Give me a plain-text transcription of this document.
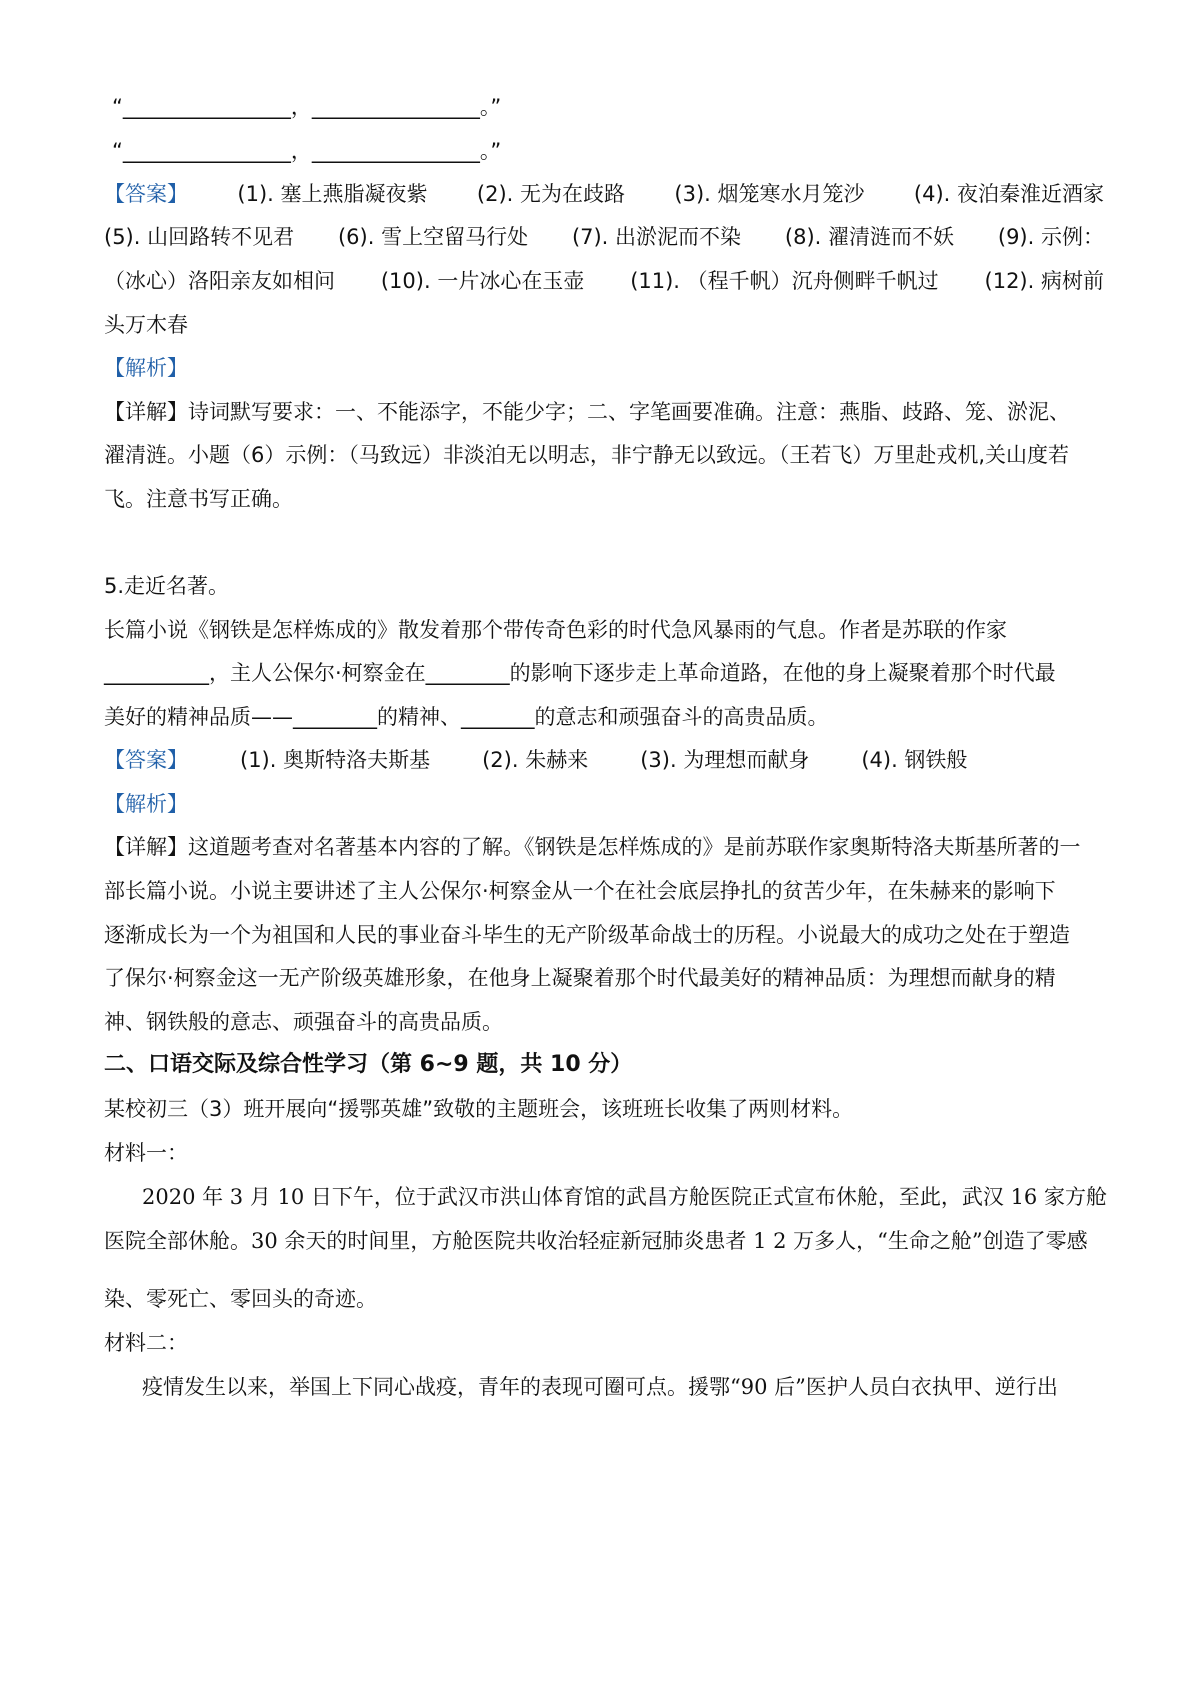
“________________，________________。”
“________________，________________。”
【答案】 (1). 塞上燕脂凝夜紫 (2). 无为在歧路 (3). 烟笼寒水月笼沙 (4). 夜泊秦淮近酒家
(5). 山回路转不见君 (6). 雪上空留马行处 (7). 出淤泥而不染 (8). 濯清涟而不妖 (9). 示例：
（冰心）洛阳亲友如相问 (10). 一片冰心在玉壶 (11). （程千帆）沉舟侧畔千帆过 (12). 病树前
头万木春
【解析】
【详解】诗词默写要求：一、不能添字，不能少字；二、字笔画要准确。注意：燕脂、歧路、笼、淤泥、
濯清涟。小题（6）示例：（马致远）非淡泊无以明志，非宁静无以致远。（王若飞）万里赴戎机,关山度若
飞。注意书写正确。
5.走近名著。
长篇小说《钢铁是怎样炼成的》散发着那个带传奇色彩的时代急风暴雨的气息。作者是苏联的作家
__________，主人公保尔·柯察金在________的影响下逐步走上革命道路，在他的身上凝聚着那个时代最
美好的精神品质——________的精神、_______的意志和顽强奋斗的高贵品质。
【答案】 (1). 奥斯特洛夫斯基 (2). 朱赫来 (3). 为理想而献身 (4). 钢铁般
【解析】
【详解】这道题考查对名著基本内容的了解。《钢铁是怎样炼成的》是前苏联作家奥斯特洛夫斯基所著的一
部长篇小说。小说主要讲述了主人公保尔·柯察金从一个在社会底层挣扎的贫苦少年，在朱赫来的影响下
逐渐成长为一个为祖国和人民的事业奋斗毕生的无产阶级革命战士的历程。小说最大的成功之处在于塑造
了保尔·柯察金这一无产阶级英雄形象，在他身上凝聚着那个时代最美好的精神品质：为理想而献身的精
神、钢铁般的意志、顽强奋斗的高贵品质。
二、口语交际及综合性学习（第 6~9 题，共 10 分）
某校初三（3）班开展向“援鄂英雄”致敬的主题班会，该班班长收集了两则材料。
材料一：
2020 年 3 月 10 日下午，位于武汉市洪山体育馆的武昌方舱医院正式宣布休舱，至此，武汉 16 家方舱
医院全部休舱。30 余天的时间里，方舱医院共收治轻症新冠肺炎患者 1 2 万多人，“生命之舱”创造了零感
染、零死亡、零回头的奇迹。
材料二：
疫情发生以来，举国上下同心战疫，青年的表现可圈可点。援鄂“90 后”医护人员白衣执甲、逆行出
